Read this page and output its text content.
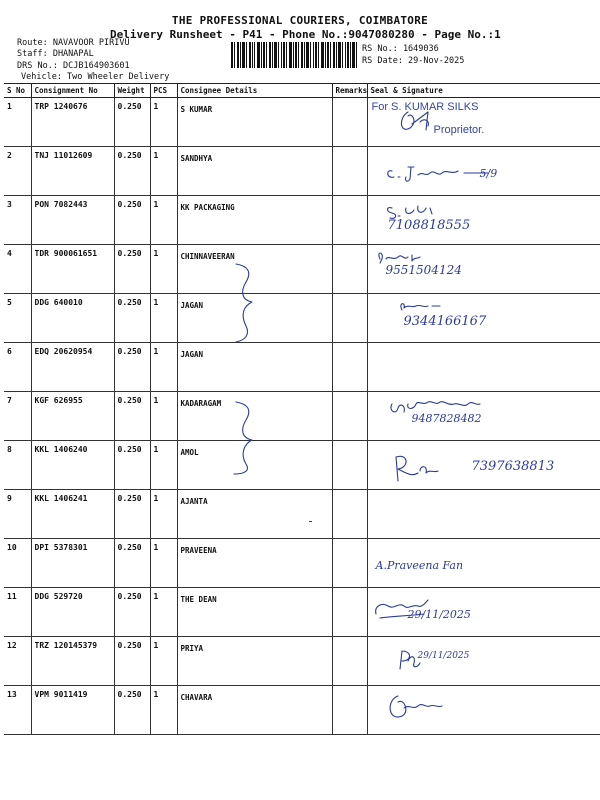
THE PROFESSIONAL COURIERS, COIMBATORE
Delivery Runsheet - P41 - Phone No.:9047080280 - Page No.:1
Route: NAVAVOOR PIRIVU
Staff: DHANAPAL
DRS No.: DCJB164903601
Vehicle: Two Wheeler Delivery
RS No.: 1649036
RS Date: 29-Nov-2025
S No	Consignment No	Weight	PCS	Consignee Details	Remarks	Seal & Signature
1	TRP 1240676	0.250	1	S KUMAR		For S. KUMAR SILKS
Proprietor.

2	TNJ 11012609	0.250	1	SANDHYA		5/9

3	PON 7082443	0.250	1	KK PACKAGING		7108818555

4	TDR 900061651	0.250	1	CHINNAVEERAN		9551504124

5	DDG 640010	0.250	1	JAGAN		9344166167

6	EDQ 20620954	0.250	1	JAGAN		
7	KGF 626955	0.250	1	KADARAGAM		9487828482

8	KKL 1406240	0.250	1	AMOL		7397638813

9	KKL 1406241	0.250	1	AJANTA		
10	DPI 5378301	0.250	1	PRAVEENA		A.Praveena Fan

11	DDG 529720	0.250	1	THE DEAN		29/11/2025

12	TRZ 120145379	0.250	1	PRIYA		29/11/2025

13	VPM 9011419	0.250	1	CHAVARA		
